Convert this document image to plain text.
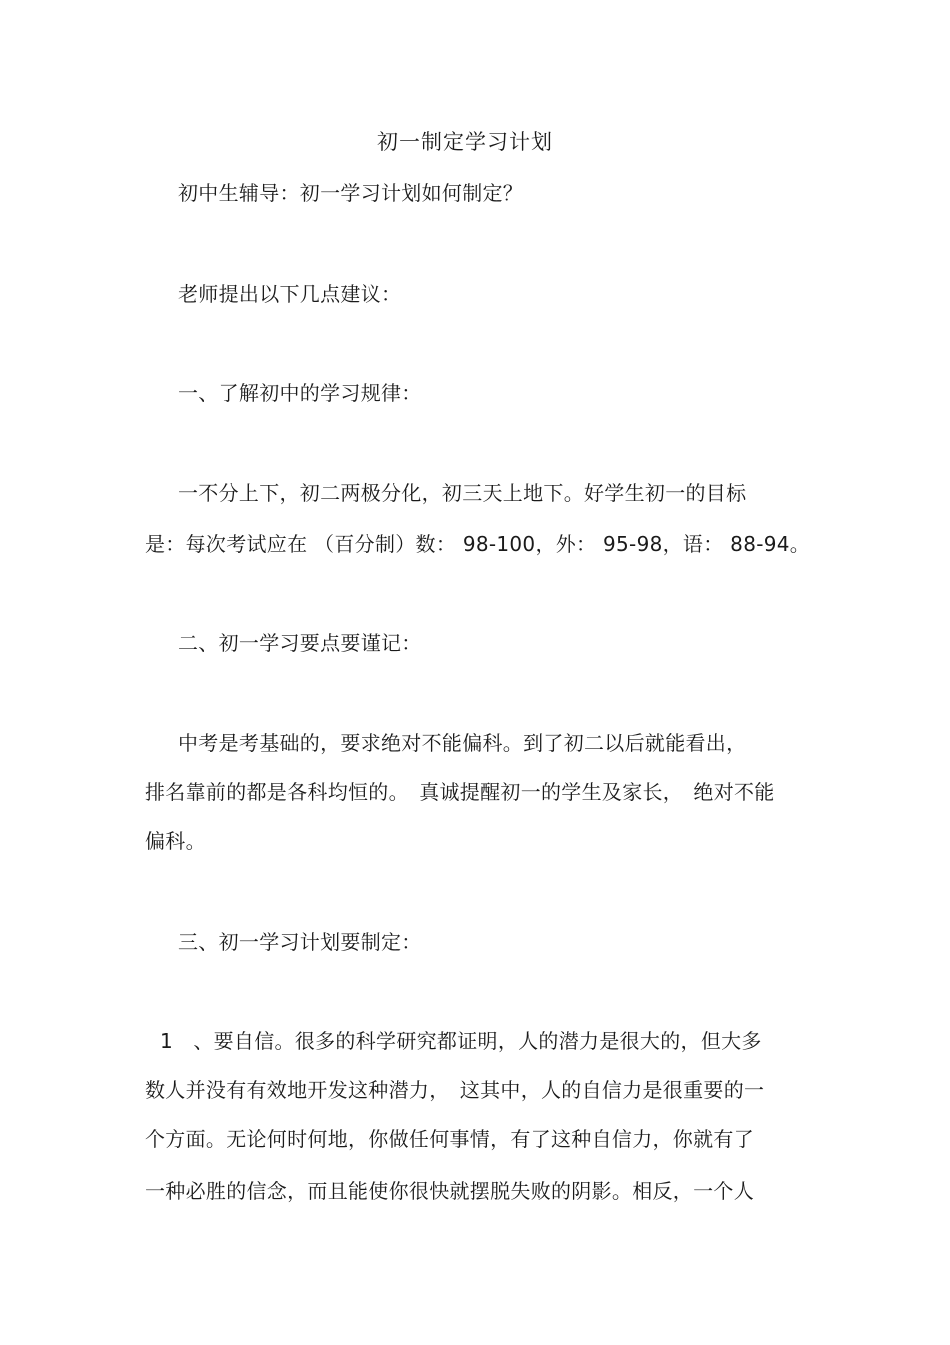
初一制定学习计划
初中生辅导：初一学习计划如何制定？
老师提出以下几点建议：
一、了解初中的学习规律：
一不分上下，初二两极分化，初三天上地下。好学生初一的目标
是：每次考试应在 （百分制）数： 98-100，外： 95-98，语： 88-94。
二、初一学习要点要谨记：
中考是考基础的，要求绝对不能偏科。到了初二以后就能看出，
排名靠前的都是各科均恒的。　真诚提醒初一的学生及家长，　绝对不能
偏科。
三、初一学习计划要制定：
1　、要自信。很多的科学研究都证明，人的潜力是很大的，但大多
数人并没有有效地开发这种潜力，　这其中，人的自信力是很重要的一
个方面。无论何时何地，你做任何事情，有了这种自信力，你就有了
一种必胜的信念，而且能使你很快就摆脱失败的阴影。相反，一个人
